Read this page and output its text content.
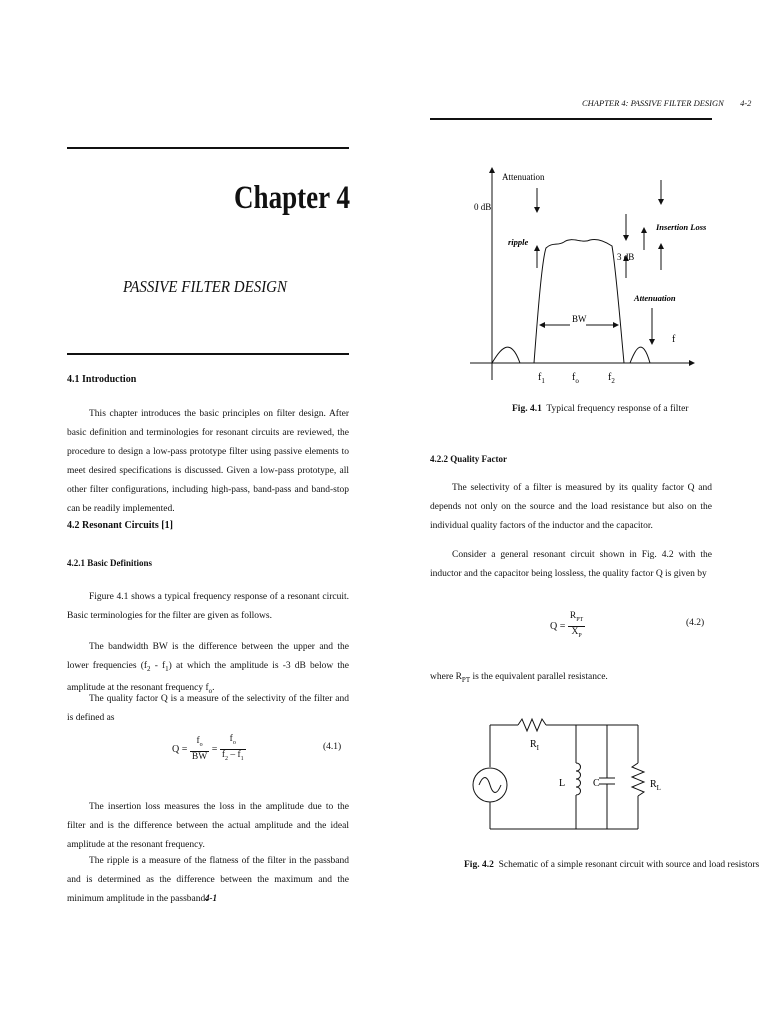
CHAPTER 4: PASSIVE FILTER DESIGN 4-2
Chapter 4
PASSIVE FILTER DESIGN
4.1 Introduction
This chapter introduces the basic principles on filter design. After basic definition and terminologies for resonant circuits are reviewed, the procedure to design a low-pass prototype filter using passive elements to meet desired specifications is discussed. Given a low-pass prototype, all other filter configurations, including high-pass, band-pass and band-stop can be readily implemented.
4.2 Resonant Circuits [1]
4.2.1 Basic Definitions
Figure 4.1 shows a typical frequency response of a resonant circuit. Basic terminologies for the filter are given as follows.
The bandwidth BW is the difference between the upper and the lower frequencies $(f_2 - f_1)$ at which the amplitude is -3 dB below the amplitude at the resonant frequency $f_o$.
The quality factor Q is a measure of the selectivity of the filter and is defined as
$Q = \frac{f_o}{BW} = \frac{f_o}{f_2 - f_1}$	(4.1)
The insertion loss measures the loss in the amplitude due to the filter and is the difference between the actual amplitude and the ideal amplitude at the resonant frequency.
The ripple is a measure of the flatness of the filter in the passband and is determined as the difference between the maximum and the minimum amplitude in the passband.
4-1
ripple
3 dB
Insertion Loss
Attenuation
BW
Attenuation
0 dB
f
$f_1$	$f_o$	$f_2$
Fig. 4.1 Typical frequency response of a filter
4.2.2 Quality Factor
The selectivity of a filter is measured by its quality factor Q and depends not only on the source and the load resistance but also on the individual quality factors of the inductor and the capacitor.
Consider a general resonant circuit shown in Fig. 4.2 with the inductor and the capacitor being lossless, the quality factor Q is given by
$Q = \frac{R_{PT}}{X_P}$	(4.2)
where $R_{PT}$ is the equivalent parallel resistance.
$R_I$
L	C	$R_L$
Fig. 4.2 Schematic of a simple resonant circuit with source and load resistors
